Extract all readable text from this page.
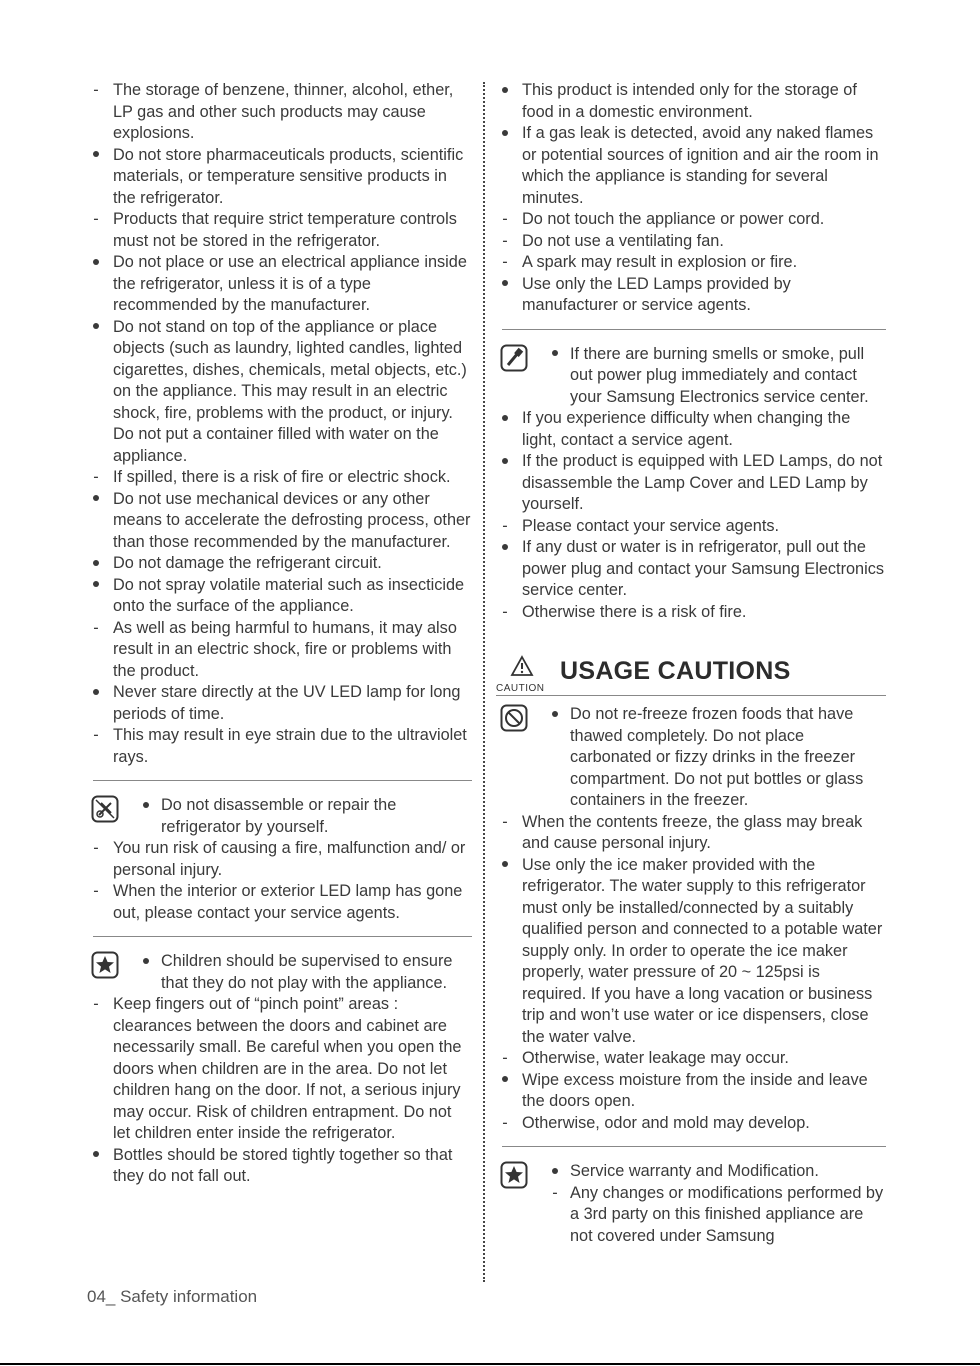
-
The storage of benzene, thinner, alcohol, ether, LP gas and other such products may cause explosions.

Do not store pharmaceuticals products, scientific materials, or temperature sensitive products in the refrigerator.

-
Products that require strict temperature controls must not be stored in the refrigerator.

Do not place or use an electrical appliance inside the refrigerator, unless it is of a type recommended by the manufacturer.

Do not stand on top of the appliance or place objects (such as laundry, lighted candles, lighted cigarettes, dishes, chemicals, metal objects, etc.) on the appliance. This may result in an electric shock, fire, problems with the product, or injury. Do not put a container filled with water on the appliance.

-
If spilled, there is a risk of fire or electric shock.

Do not use mechanical devices or any other means to accelerate the defrosting process, other than those recommended by the manufacturer.

Do not damage the refrigerant circuit.

Do not spray volatile material such as insecticide onto the surface of the appliance.

-
As well as being harmful to humans, it may also result in an electric shock, fire or problems with the product.

Never stare directly at the UV LED lamp for long periods of time.

-
This may result in eye strain due to the ultraviolet rays.

Do not disassemble or repair the refrigerator by yourself.

-
You run risk of causing a fire, malfunction and/ or personal injury.

-
When the interior or exterior LED lamp has gone out, please contact your service agents.

Children should be supervised to ensure that they do not play with the appliance.

-
Keep fingers out of “pinch point” areas : clearances between the doors and cabinet are necessarily small. Be careful when you open the doors when children are in the area. Do not let children hang on the door. If not, a serious injury may occur. Risk of children entrapment. Do not let children enter inside the refrigerator.

Bottles should be stored tightly together so that they do not fall out.

This product is intended only for the storage of food in a domestic environment.

If a gas leak is detected, avoid any naked flames or potential sources of ignition and air the room in which the appliance is standing for several minutes.

-
Do not touch the appliance or power cord.

-
Do not use a ventilating fan.

-
A spark may result in explosion or fire.

Use only the LED Lamps provided by manufacturer or service agents.

If there are burning smells or smoke, pull out power plug immediately and contact your Samsung Electronics service center.

If you experience difficulty when changing the light, contact a service agent.

If the product is equipped with LED Lamps, do not disassemble the Lamp Cover and LED Lamp by yourself.

-
Please contact your service agents.

If any dust or water is in refrigerator, pull out the power plug and contact your Samsung Electronics service center.

-
Otherwise there is a risk of fire.

CAUTION
USAGE CAUTIONS

Do not re-freeze frozen foods that have thawed completely. Do not place carbonated or fizzy drinks in the freezer compartment. Do not put bottles or glass containers in the freezer.

-
When the contents freeze, the glass may break and cause personal injury.

Use only the ice maker provided with the refrigerator. The water supply to this refrigerator must only be installed/connected by a suitably qualified person and connected to a potable water supply only. In order to operate the ice maker properly, water pressure of 20 ~ 125psi is required. If you have a long vacation or business trip and won’t use water or ice dispensers, close the water valve.

-
Otherwise, water leakage may occur.

Wipe excess moisture from the inside and leave the doors open.

-
Otherwise, odor and mold may develop.

Service warranty and Modification.

-
Any changes or modifications performed by a 3rd party on this finished appliance are not covered under Samsung

04_ Safety information
